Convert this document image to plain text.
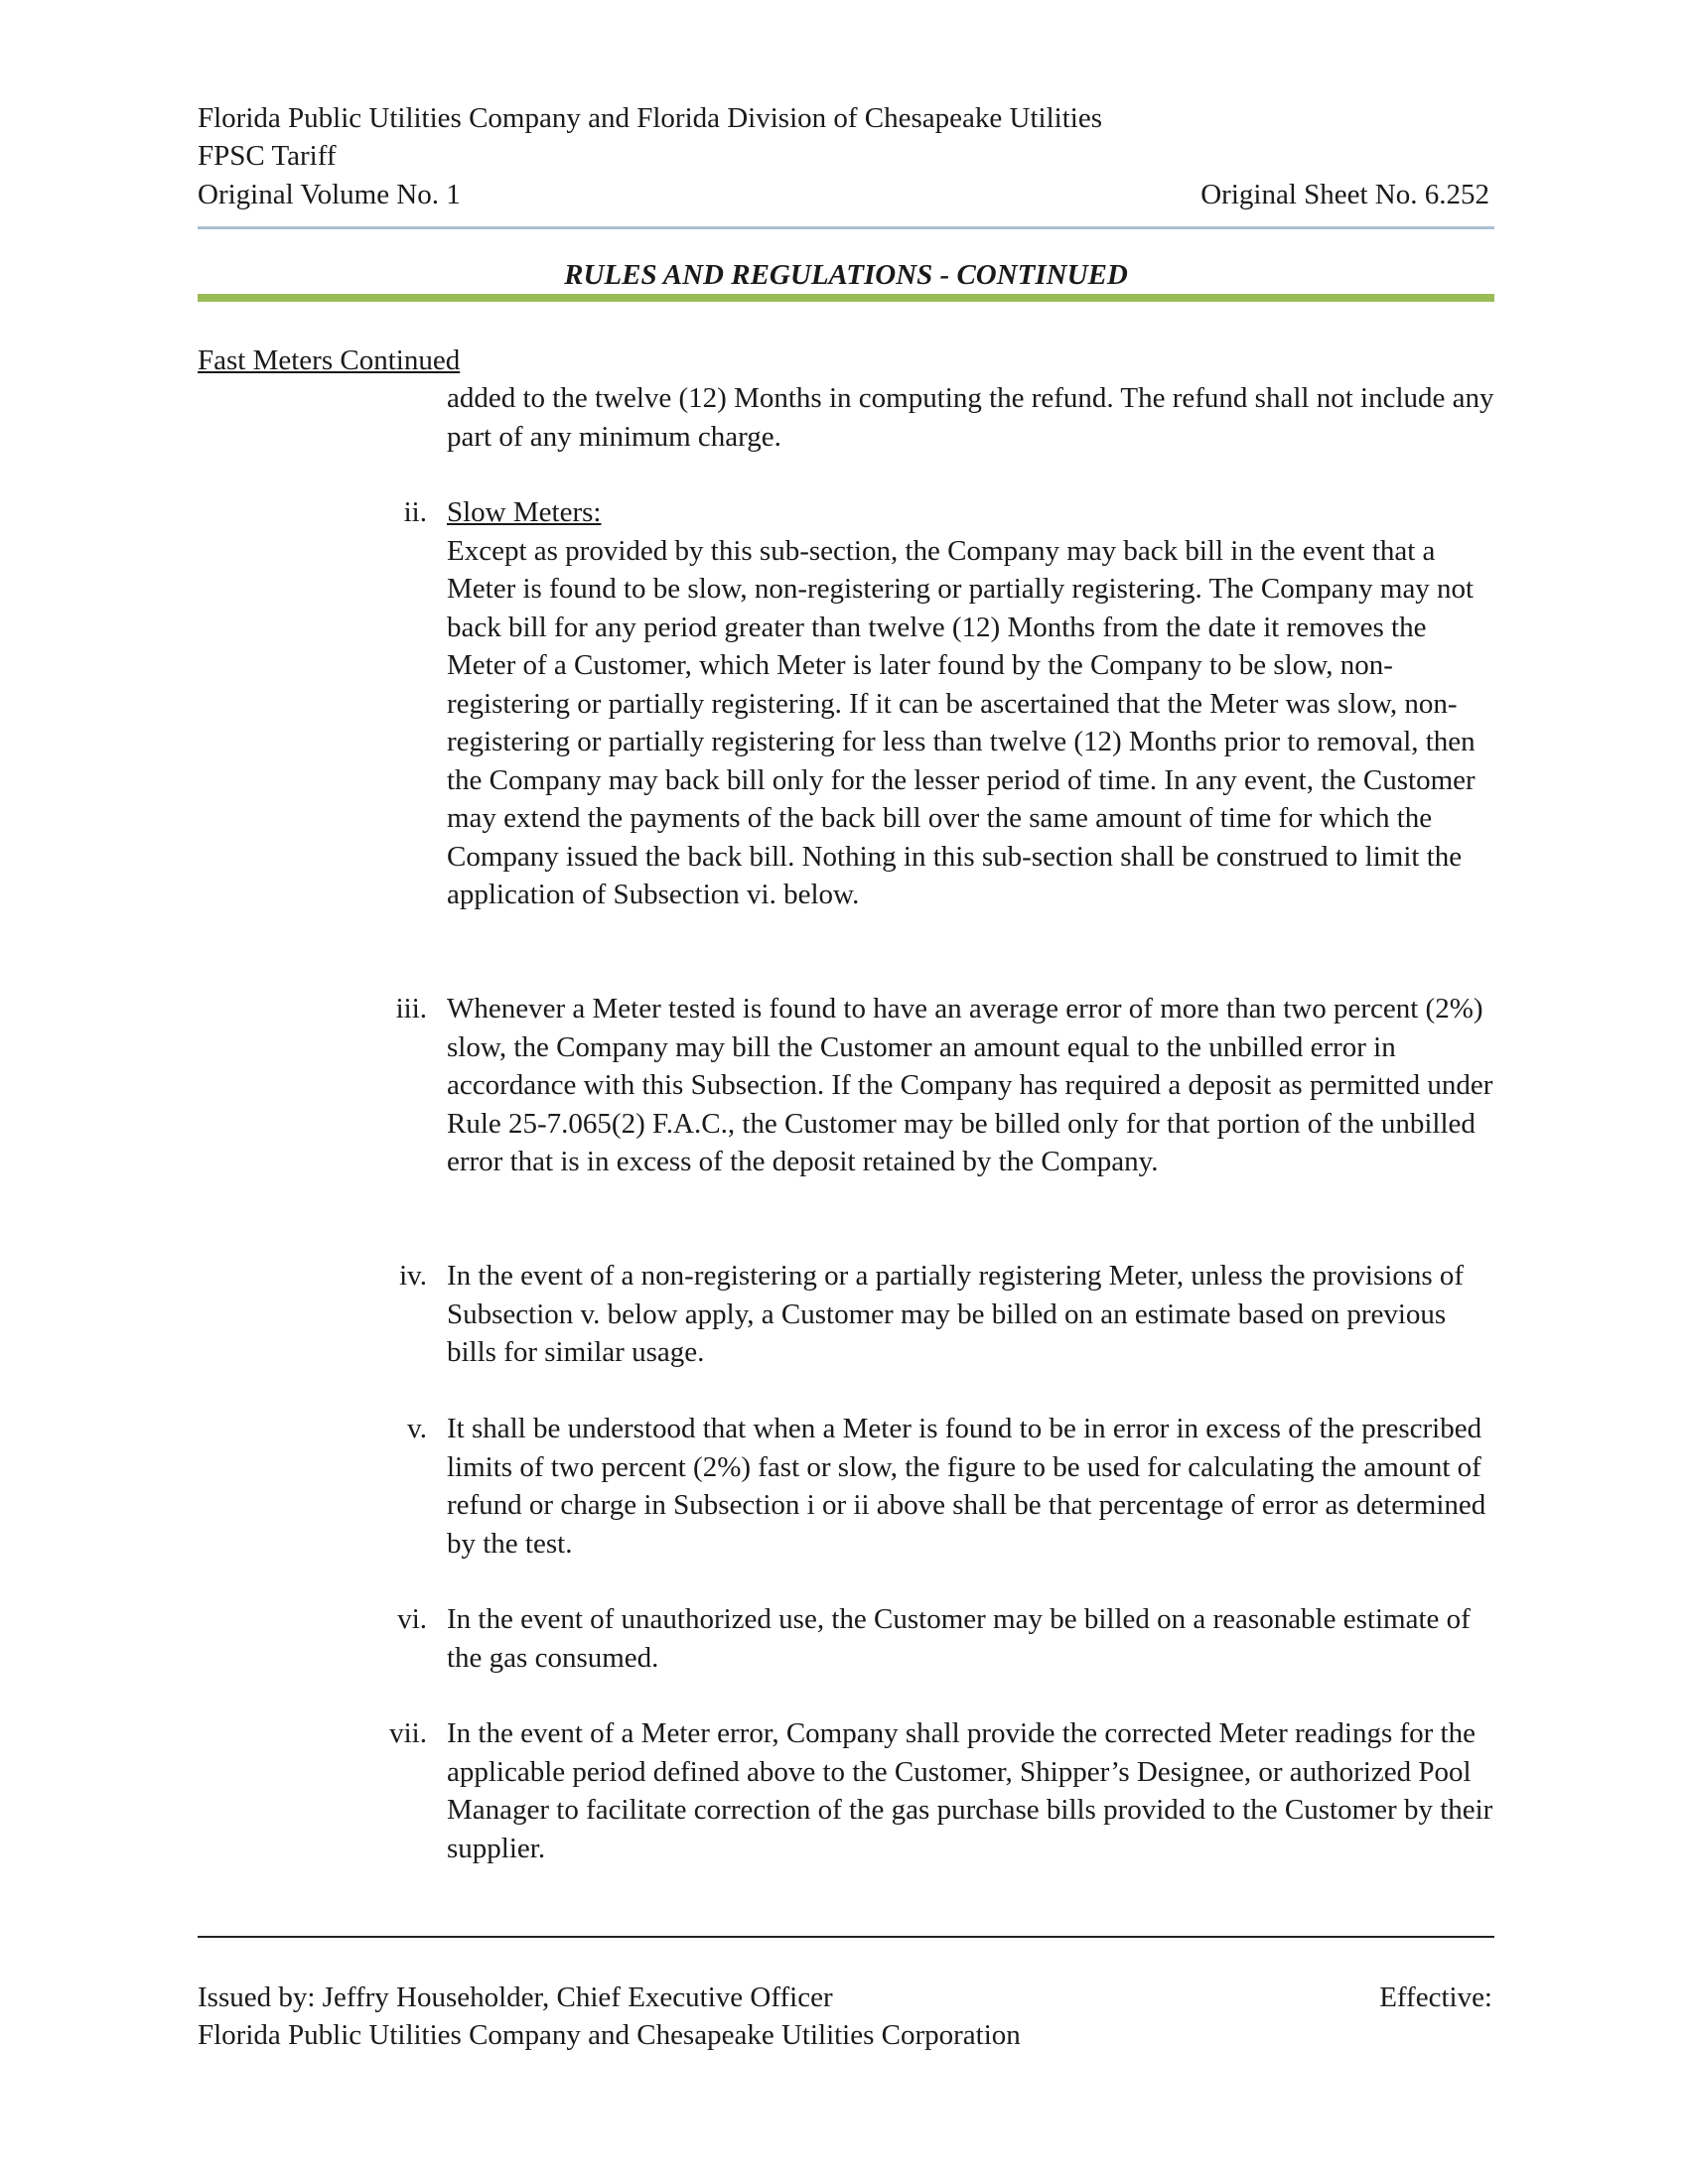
Florida Public Utilities Company and Florida Division of Chesapeake Utilities
FPSC Tariff
Original Volume No. 1	Original Sheet No. 6.252
RULES AND REGULATIONS - CONTINUED
Fast Meters Continued
added to the twelve (12) Months in computing the refund. The refund shall not include any part of any minimum charge.
ii. Slow Meters:
Except as provided by this sub-section, the Company may back bill in the event that a Meter is found to be slow, non-registering or partially registering. The Company may not back bill for any period greater than twelve (12) Months from the date it removes the Meter of a Customer, which Meter is later found by the Company to be slow, non-registering or partially registering. If it can be ascertained that the Meter was slow, non-registering or partially registering for less than twelve (12) Months prior to removal, then the Company may back bill only for the lesser period of time. In any event, the Customer may extend the payments of the back bill over the same amount of time for which the Company issued the back bill. Nothing in this sub-section shall be construed to limit the application of Subsection vi. below.
iii. Whenever a Meter tested is found to have an average error of more than two percent (2%) slow, the Company may bill the Customer an amount equal to the unbilled error in accordance with this Subsection. If the Company has required a deposit as permitted under Rule 25-7.065(2) F.A.C., the Customer may be billed only for that portion of the unbilled error that is in excess of the deposit retained by the Company.
iv. In the event of a non-registering or a partially registering Meter, unless the provisions of Subsection v. below apply, a Customer may be billed on an estimate based on previous bills for similar usage.
v. It shall be understood that when a Meter is found to be in error in excess of the prescribed limits of two percent (2%) fast or slow, the figure to be used for calculating the amount of refund or charge in Subsection i or ii above shall be that percentage of error as determined by the test.
vi. In the event of unauthorized use, the Customer may be billed on a reasonable estimate of the gas consumed.
vii. In the event of a Meter error, Company shall provide the corrected Meter readings for the applicable period defined above to the Customer, Shipper’s Designee, or authorized Pool Manager to facilitate correction of the gas purchase bills provided to the Customer by their supplier.
Issued by: Jeffry Householder, Chief Executive Officer	Effective:
Florida Public Utilities Company and Chesapeake Utilities Corporation
